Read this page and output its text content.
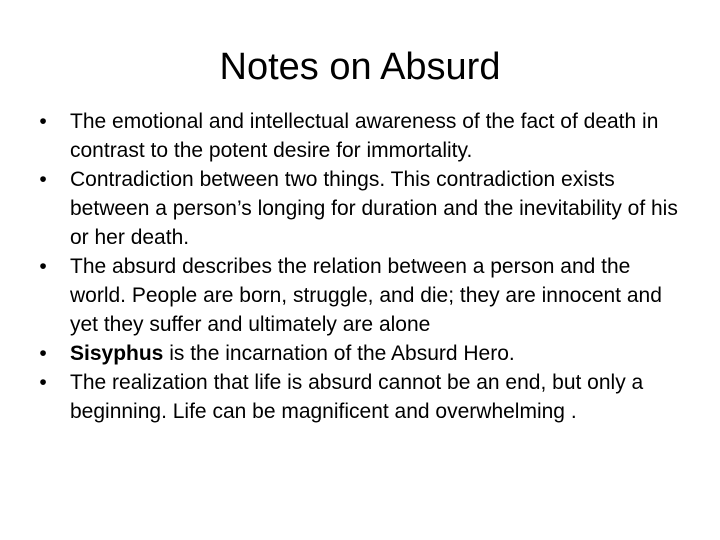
Notes on Absurd
• The emotional and intellectual awareness of the fact of death in contrast to the potent desire for immortality.
• Contradiction between two things. This contradiction exists between a person’s longing for duration and the inevitability of his or her death.
• The absurd describes the relation between a person and the world. People are born, struggle, and die; they are innocent and yet they suffer and ultimately are alone
• Sisyphus is the incarnation of the Absurd Hero.
• The realization that life is absurd cannot be an end, but only a beginning. Life can be magnificent and overwhelming .
